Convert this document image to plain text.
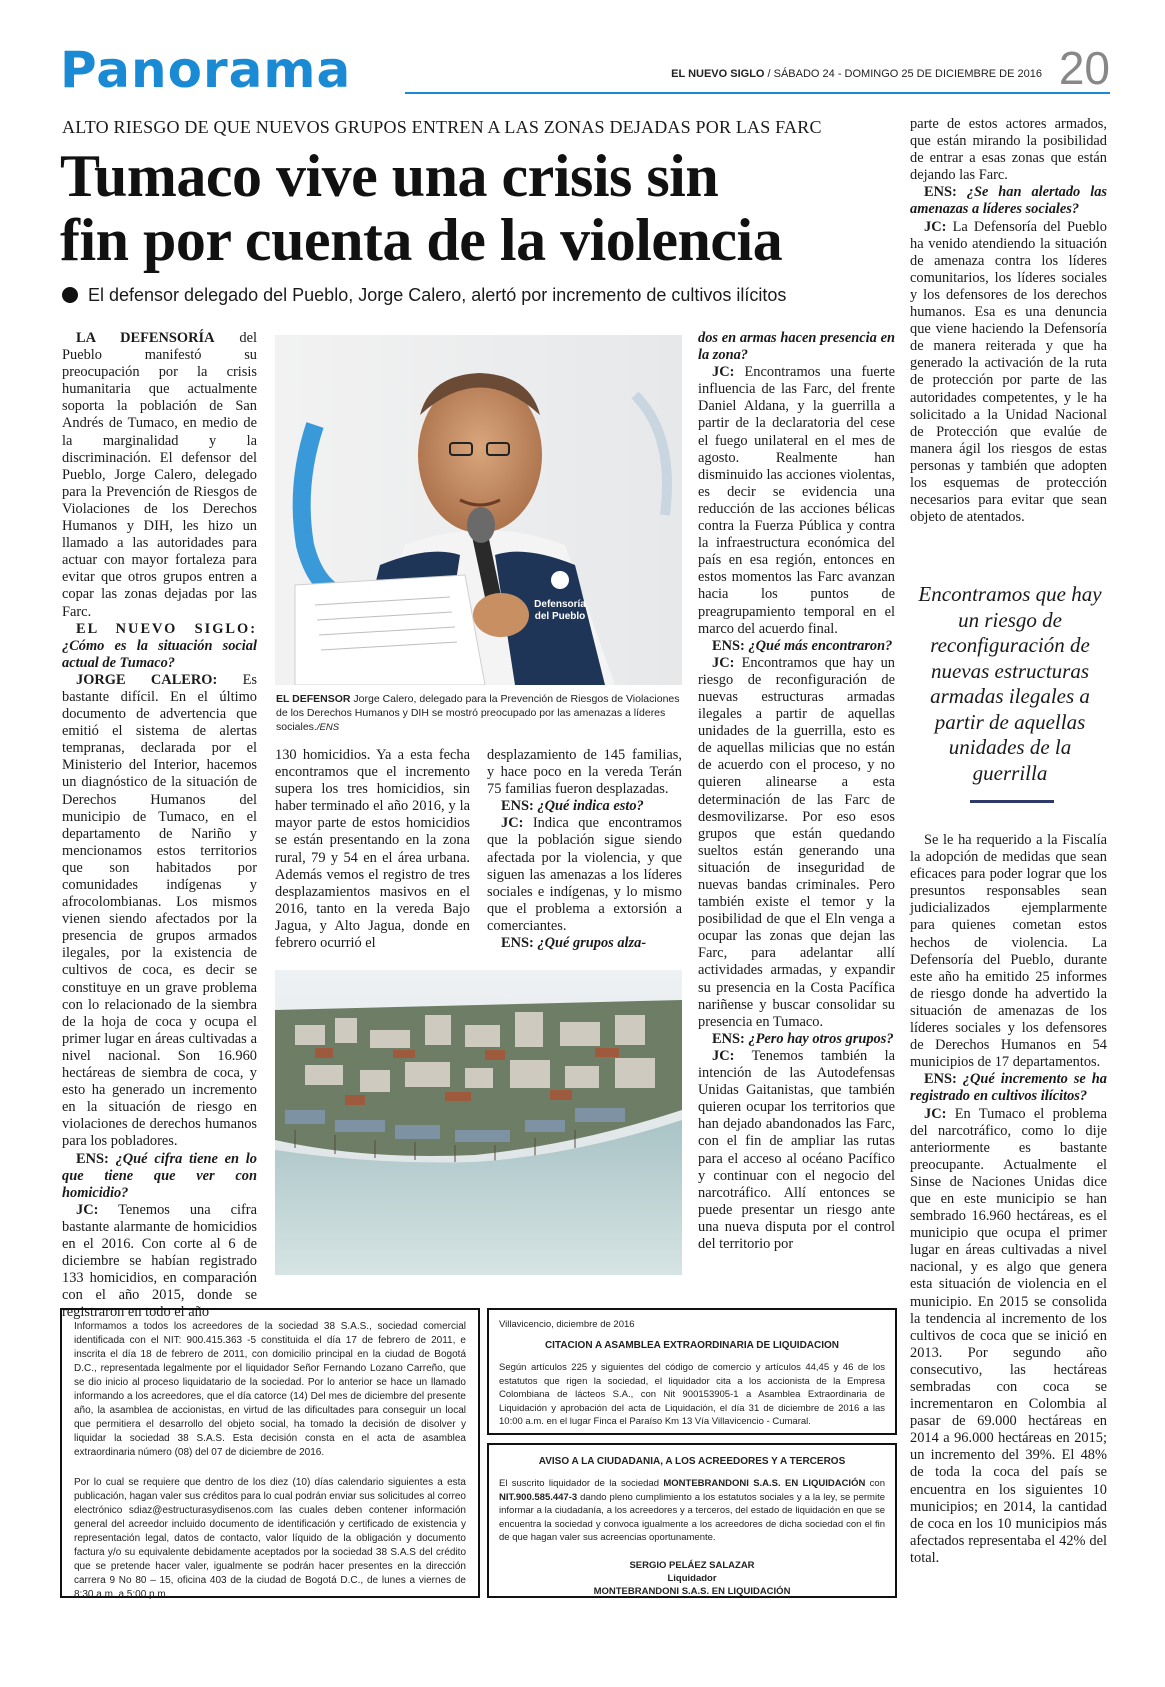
Panorama	EL NUEVO SIGLO / SÁBADO 24 - DOMINGO 25 DE DICIEMBRE DE 2016 20
ALTO RIESGO DE QUE NUEVOS GRUPOS ENTREN A LAS ZONAS DEJADAS POR LAS FARC
Tumaco vive una crisis sin
fin por cuenta de la violencia
El defensor delegado del Pueblo, Jorge Calero, alertó por incremento de cultivos ilícitos

LA DEFENSORÍA del Pueblo manifestó su preocupación por la crisis humanitaria que actualmente soporta la población de San Andrés de Tumaco, en medio de la marginalidad y la discriminación. El defensor del Pueblo, Jorge Calero, delegado para la Prevención de Riesgos de Violaciones de los Derechos Humanos y DIH, les hizo un llamado a las autoridades para actuar con mayor fortaleza para evitar que otros grupos entren a copar las zonas dejadas por las Farc.

EL NUEVO SIGLO: ¿Cómo es la situación social actual de Tumaco?

JORGE CALERO: Es bastante difícil. En el último documento de advertencia que emitió el sistema de alertas tempranas, declarada por el Ministerio del Interior, hacemos un diagnóstico de la situación de Derechos Humanos del municipio de Tumaco, en el departamento de Nariño y mencionamos estos territorios que son habitados por comunidades indígenas y afrocolombianas. Los mismos vienen siendo afectados por la presencia de grupos armados ilegales, por la existencia de cultivos de coca, es decir se constituye en un grave problema con lo relacionado de la siembra de la hoja de coca y ocupa el primer lugar en áreas cultivadas a nivel nacional. Son 16.960 hectáreas de siembra de coca, y esto ha generado un incremento en la situación de riesgo en violaciones de derechos humanos para los pobladores.

ENS: ¿Qué cifra tiene en lo que tiene que ver con homicidio?

JC: Tenemos una cifra bastante alarmante de homicidios en el 2016. Con corte al 6 de diciembre se habían registrado 133 homicidios, en comparación con el año 2015, donde se registraron en todo el año

Defensoría
del Pueblo
EL DEFENSOR Jorge Calero, delegado para la Prevención de Riesgos de Violaciones de los Derechos Humanos y DIH se mostró preocupado por las amenazas a líderes sociales./ENS

130 homicidios. Ya a esta fecha encontramos que el incremento supera los tres homicidios, sin haber terminado el año 2016, y la mayor parte de estos homicidios se están presentando en la zona rural, 79 y 54 en el área urbana. Además vemos el registro de tres desplazamientos masivos en el 2016, tanto en la vereda Bajo Jagua, y Alto Jagua, donde en febrero ocurrió el

desplazamiento de 145 familias, y hace poco en la vereda Terán 75 familias fueron desplazadas.

ENS: ¿Qué indica esto?

JC: Indica que encontramos que la población sigue siendo afectada por la violencia, y que siguen las amenazas a los líderes sociales e indígenas, y lo mismo que el problema a extorsión a comerciantes.

ENS: ¿Qué grupos alza-

dos en armas hacen presencia en la zona?

JC: Encontramos una fuerte influencia de las Farc, del frente Daniel Aldana, y la guerrilla a partir de la declaratoria del cese el fuego unilateral en el mes de agosto. Realmente han disminuido las acciones violentas, es decir se evidencia una reducción de las acciones bélicas contra la Fuerza Pública y contra la infraestructura económica del país en esa región, entonces en estos momentos las Farc avanzan hacia los puntos de preagrupamiento temporal en el marco del acuerdo final.

ENS: ¿Qué más encontraron?

JC: Encontramos que hay un riesgo de reconfiguración de nuevas estructuras armadas ilegales a partir de aquellas unidades de la guerrilla, esto es de aquellas milicias que no están de acuerdo con el proceso, y no quieren alinearse a esta determinación de las Farc de desmovilizarse. Por eso esos grupos que están quedando sueltos están generando una situación de inseguridad de nuevas bandas criminales. Pero también existe el temor y la posibilidad de que el Eln venga a ocupar las zonas que dejan las Farc, para adelantar allí actividades armadas, y expandir su presencia en la Costa Pacífica nariñense y buscar consolidar su presencia en Tumaco.

ENS: ¿Pero hay otros grupos?

JC: Tenemos también la intención de las Autodefensas Unidas Gaitanistas, que también quieren ocupar los territorios que han dejado abandonados las Farc, con el fin de ampliar las rutas para el acceso al océano Pacífico y continuar con el negocio del narcotráfico. Allí entonces se puede presentar un riesgo ante una nueva disputa por el control del territorio por

parte de estos actores armados, que están mirando la posibilidad de entrar a esas zonas que están dejando las Farc.

ENS: ¿Se han alertado las amenazas a líderes sociales?

JC: La Defensoría del Pueblo ha venido atendiendo la situación de amenaza contra los líderes comunitarios, los líderes sociales y los defensores de los derechos humanos. Esa es una denuncia que viene haciendo la Defensoría de manera reiterada y que ha generado la activación de la ruta de protección por parte de las autoridades competentes, y le ha solicitado a la Unidad Nacional de Protección que evalúe de manera ágil los riesgos de estas personas y también que adopten los esquemas de protección necesarios para evitar que sean objeto de atentados.

Encontramos que hay un riesgo de reconfiguración de nuevas estructuras armadas ilegales a partir de aquellas unidades de la guerrilla

Se le ha requerido a la Fiscalía la adopción de medidas que sean eficaces para poder lograr que los presuntos responsables sean judicializados ejemplarmente para quienes cometan estos hechos de violencia. La Defensoría del Pueblo, durante este año ha emitido 25 informes de riesgo donde ha advertido la situación de amenazas de los líderes sociales y los defensores de Derechos Humanos en 54 municipios de 17 departamentos.

ENS: ¿Qué incremento se ha registrado en cultivos ilícitos?

JC: En Tumaco el problema del narcotráfico, como lo dije anteriormente es bastante preocupante. Actualmente el Sinse de Naciones Unidas dice que en este municipio se han sembrado 16.960 hectáreas, es el municipio que ocupa el primer lugar en áreas cultivadas a nivel nacional, y es algo que genera esta situación de violencia en el municipio. En 2015 se consolida la tendencia al incremento de los cultivos de coca que se inició en 2013. Por segundo año consecutivo, las hectáreas sembradas con coca se incrementaron en Colombia al pasar de 69.000 hectáreas en 2014 a 96.000 hectáreas en 2015; un incremento del 39%. El 48% de toda la coca del país se encuentra en los siguientes 10 municipios; en 2014, la cantidad de coca en los 10 municipios más afectados representaba el 42% del total.

Informamos a todos los acreedores de la sociedad 38 S.A.S., sociedad comercial identificada con el NIT: 900.415.363 -5 constituida el día 17 de febrero de 2011, e inscrita el día 18 de febrero de 2011, con domicilio principal en la ciudad de Bogotá D.C., representada legalmente por el liquidador Señor Fernando Lozano Carreño, que se dio inicio al proceso liquidatario de la sociedad. Por lo anterior se hace un llamado informando a los acreedores, que el día catorce (14) Del mes de diciembre del presente año, la asamblea de accionistas, en virtud de las dificultades para conseguir un local que permitiera el desarrollo del objeto social, ha tomado la decisión de disolver y liquidar la sociedad 38 S.A.S. Esta decisión consta en el acta de asamblea extraordinaria número (08) del 07 de diciembre de 2016.

Por lo cual se requiere que dentro de los diez (10) días calendario siguientes a esta publicación, hagan valer sus créditos para lo cual podrán enviar sus solicitudes al correo electrónico sdiaz@estructurasydisenos.com las cuales deben contener información general del acreedor incluido documento de identificación y certificado de existencia y representación legal, datos de contacto, valor líquido de la obligación y documento factura y/o su equivalente debidamente aceptados por la sociedad 38 S.A.S del crédito que se pretende hacer valer, igualmente se podrán hacer presentes en la dirección carrera 9 No 80 – 15, oficina 403 de la ciudad de Bogotá D.C., de lunes a viernes de 8:30 a.m. a 5:00 p.m.

Villavicencio, diciembre de 2016
CITACION A ASAMBLEA EXTRAORDINARIA DE LIQUIDACION
Según artículos 225 y siguientes del código de comercio y artículos 44,45 y 46 de los estatutos que rigen la sociedad, el liquidador cita a los accionista de la Empresa Colombiana de lácteos S.A., con Nit 900153905-1 a Asamblea Extraordinaria de Liquidación y aprobación del acta de Liquidación, el día 31 de diciembre de 2016 a las 10:00 a.m. en el lugar Finca el Paraíso Km 13 Vía Villavicencio - Cumaral.
AVISO A LA CIUDADANIA, A LOS ACREEDORES Y A TERCEROS
El suscrito liquidador de la sociedad MONTEBRANDONI S.A.S. EN LIQUIDACIÓN con NIT.900.585.447-3 dando pleno cumplimiento a los estatutos sociales y a la ley, se permite informar a la ciudadanía, a los acreedores y a terceros, del estado de liquidación en que se encuentra la sociedad y convoca igualmente a los acreedores de dicha sociedad con el fin de que hagan valer sus acreencias oportunamente.
SERGIO PELÁEZ SALAZAR
Liquidador
MONTEBRANDONI S.A.S. EN LIQUIDACIÓN
